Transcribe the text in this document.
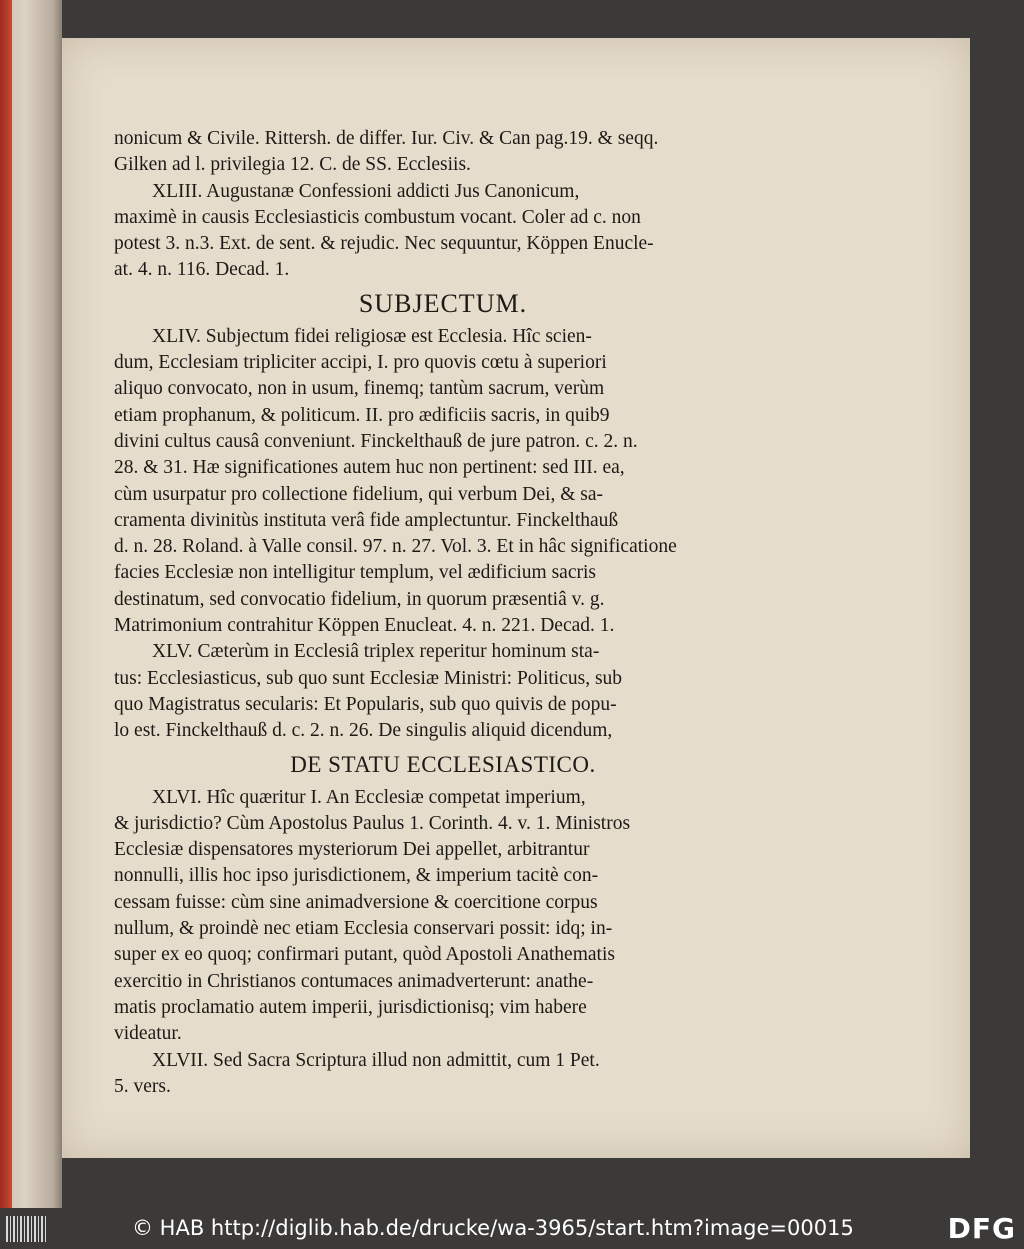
nonicum & Civile. Rittersh. de differ. Iur. Civ. & Can pag.19. & seqq.
Gilken ad l. privilegia 12. C. de SS. Ecclesiis.
XLIII. Augustanæ Confessioni addicti Jus Canonicum,
maximè in causis Ecclesiasticis combustum vocant. Coler ad c. non
potest 3. n.3. Ext. de sent. & rejudic. Nec sequuntur, Köppen Enucle-
at. 4. n. 116. Decad. 1.
SUBJECTUM.
XLIV. Subjectum fidei religiosæ est Ecclesia. Hîc scien-
dum, Ecclesiam tripliciter accipi, I. pro quovis cœtu à superiori
aliquo convocato, non in usum, finemq; tantùm sacrum, verùm
etiam prophanum, & politicum. II. pro ædificiis sacris, in quib9
divini cultus causâ conveniunt. Finckelthauß de jure patron. c. 2. n.
28. & 31. Hæ significationes autem huc non pertinent: sed III. ea,
cùm usurpatur pro collectione fidelium, qui verbum Dei, & sa-
cramenta divinitùs instituta verâ fide amplectuntur. Finckelthauß
d. n. 28. Roland. à Valle consil. 97. n. 27. Vol. 3. Et in hâc significatione
facies Ecclesiæ non intelligitur templum, vel ædificium sacris
destinatum, sed convocatio fidelium, in quorum præsentiâ v. g.
Matrimonium contrahitur Köppen Enucleat. 4. n. 221. Decad. 1.
XLV. Cæterùm in Ecclesiâ triplex reperitur hominum sta-
tus: Ecclesiasticus, sub quo sunt Ecclesiæ Ministri: Politicus, sub
quo Magistratus secularis: Et Popularis, sub quo quivis de popu-
lo est. Finckelthauß d. c. 2. n. 26. De singulis aliquid dicendum,
DE STATU ECCLESIASTICO.
XLVI. Hîc quæritur I. An Ecclesiæ competat imperium,
& jurisdictio? Cùm Apostolus Paulus 1. Corinth. 4. v. 1. Ministros
Ecclesiæ dispensatores mysteriorum Dei appellet, arbitrantur
nonnulli, illis hoc ipso jurisdictionem, & imperium tacitè con-
cessam fuisse: cùm sine animadversione & coercitione corpus
nullum, & proindè nec etiam Ecclesia conservari possit: idq; in-
super ex eo quoq; confirmari putant, quòd Apostoli Anathematis
exercitio in Christianos contumaces animadverterunt: anathe-
matis proclamatio autem imperii, jurisdictionisq; vim habere
videatur.
XLVII. Sed Sacra Scriptura illud non admittit, cum 1 Pet.
5. vers.
© HAB http://diglib.hab.de/drucke/wa-3965/start.htm?image=00015	DFG
